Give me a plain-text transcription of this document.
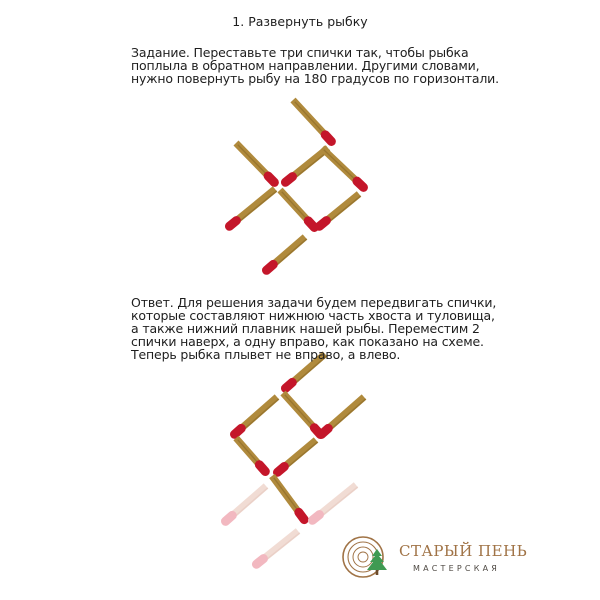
1. Развернуть рыбку
Задание. Переставьте три спички так, чтобы рыбка
поплыла в обратном направлении. Другими словами,
нужно повернуть рыбу на 180 градусов по горизонтали.
Ответ. Для решения задачи будем передвигать спички,
которые составляют нижнюю часть хвоста и туловища,
а также нижний плавник нашей рыбы. Переместим 2
спички наверх, а одну вправо, как показано на схеме.
Теперь рыбка плывет не вправо, а влево.
СТАРЫЙ ПЕНЬ
МАСТЕРСКАЯ
